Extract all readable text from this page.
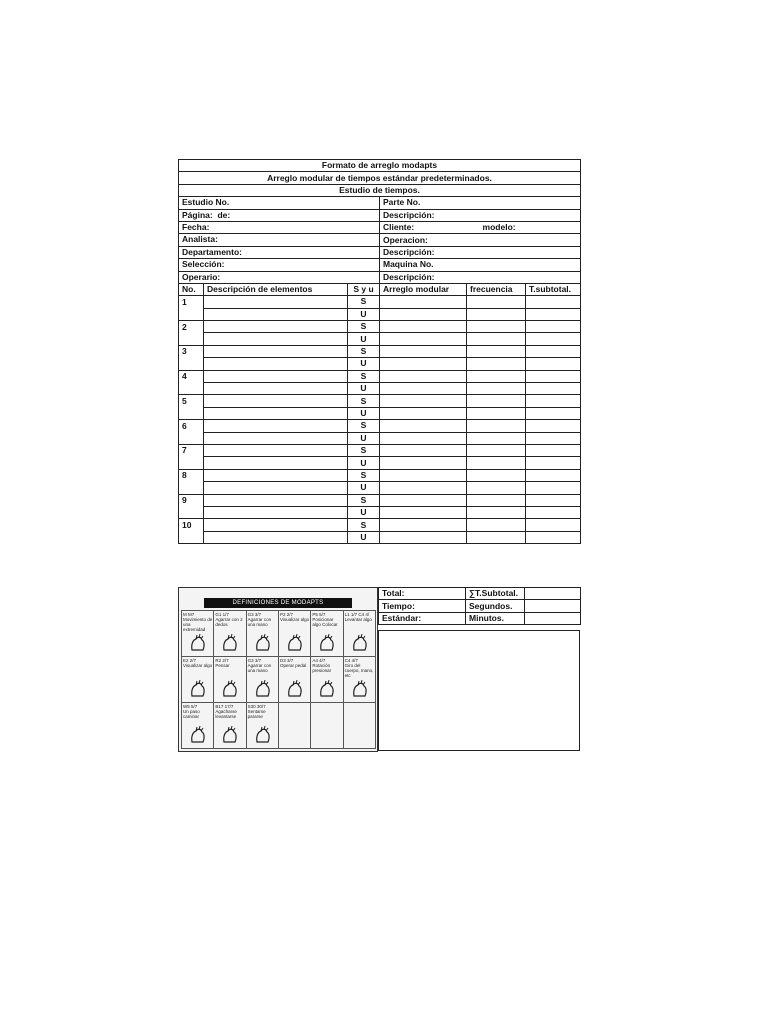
Formato de arreglo modapts					
Arreglo modular de tiempos estándar predeterminados.					
Estudio de tiempos.					
Estudio No.			Parte No.		
Página: de:			Descripción:		
Fecha:			Cliente: modelo:		
Analista:			Operacion:		
Departamento:			Descripción:		
Selección:			Maquina No.		
Operario:			Descripción:		
No.	Descripción de elementos	S y u	Arreglo modular	frecuencia	T.subtotal.
1		S			
		U			
2		S			
		U			
3		S			
		U			
4		S			
		U			
5		S			
		U			
6		S			
		U			
7		S			
		U			
8		S			
		U			
9		S			
		U			
10		S			
		U			
DEFINICIONES DE MODAPTS
M M7
Movimiento de una extremidad
G1 1/7
Agarrar con 2 dedos
G3 3/7
Agarrar con una mano
P2 2/7
Visualizar algo
P5 5/7
Posicionar algo Colocar
L1 1/7 C4 4/
Levantar algo
E2 2/7
Visualizar algo
R2 2/7
Pensar
G3 3/7
Agarrar con una mano
D3 3/7
Operar pedal
A4 4/7
Rotación presionar
C4 4/7
Giro del cuerpo, mano, etc
W5 5/7
Un paso caminar
B17 17/7
Agacharse levantarse
S30 30/7
Sentarse pararse
Total:	∑T.Subtotal.	
Tiempo:	Segundos.	
Estándar:	Minutos.	
